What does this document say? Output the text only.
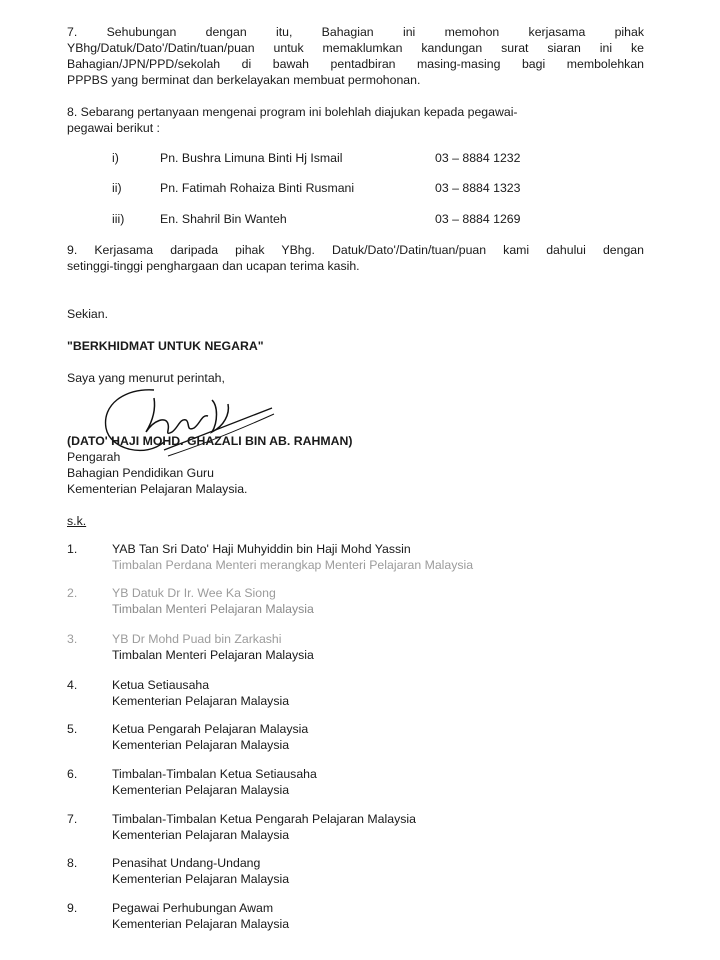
7. Sehubungan dengan itu, Bahagian ini memohon kerjasama pihak
YBhg/Datuk/Dato'/Datin/tuan/puan untuk memaklumkan kandungan surat siaran ini ke
Bahagian/JPN/PPD/sekolah di bawah pentadbiran masing-masing bagi membolehkan
PPPBS yang berminat dan berkelayakan membuat permohonan.
8. Sebarang pertanyaan mengenai program ini bolehlah diajukan kepada pegawai-
pegawai berikut :
i)	Pn. Bushra Limuna Binti Hj Ismail	03 – 8884 1232
ii)	Pn. Fatimah Rohaiza Binti Rusmani	03 – 8884 1323
iii)	En. Shahril Bin Wanteh	03 – 8884 1269
9. Kerjasama daripada pihak YBhg. Datuk/Dato'/Datin/tuan/puan kami dahului dengan
setinggi-tinggi penghargaan dan ucapan terima kasih.
Sekian.
"BERKHIDMAT UNTUK NEGARA"
Saya yang menurut perintah,
(DATO' HAJI MOHD. GHAZALI BIN AB. RAHMAN)
Pengarah
Bahagian Pendidikan Guru
Kementerian Pelajaran Malaysia.
s.k.
1.	YAB Tan Sri Dato' Haji Muhyiddin bin Haji Mohd Yassin
Timbalan Perdana Menteri merangkap Menteri Pelajaran Malaysia
2.	YB Datuk Dr Ir. Wee Ka Siong
Timbalan Menteri Pelajaran Malaysia
3.	YB Dr Mohd Puad bin Zarkashi
Timbalan Menteri Pelajaran Malaysia
4.	Ketua Setiausaha
Kementerian Pelajaran Malaysia
5.	Ketua Pengarah Pelajaran Malaysia
Kementerian Pelajaran Malaysia
6.	Timbalan-Timbalan Ketua Setiausaha
Kementerian Pelajaran Malaysia
7.	Timbalan-Timbalan Ketua Pengarah Pelajaran Malaysia
Kementerian Pelajaran Malaysia
8.	Penasihat Undang-Undang
Kementerian Pelajaran Malaysia
9.	Pegawai Perhubungan Awam
Kementerian Pelajaran Malaysia
